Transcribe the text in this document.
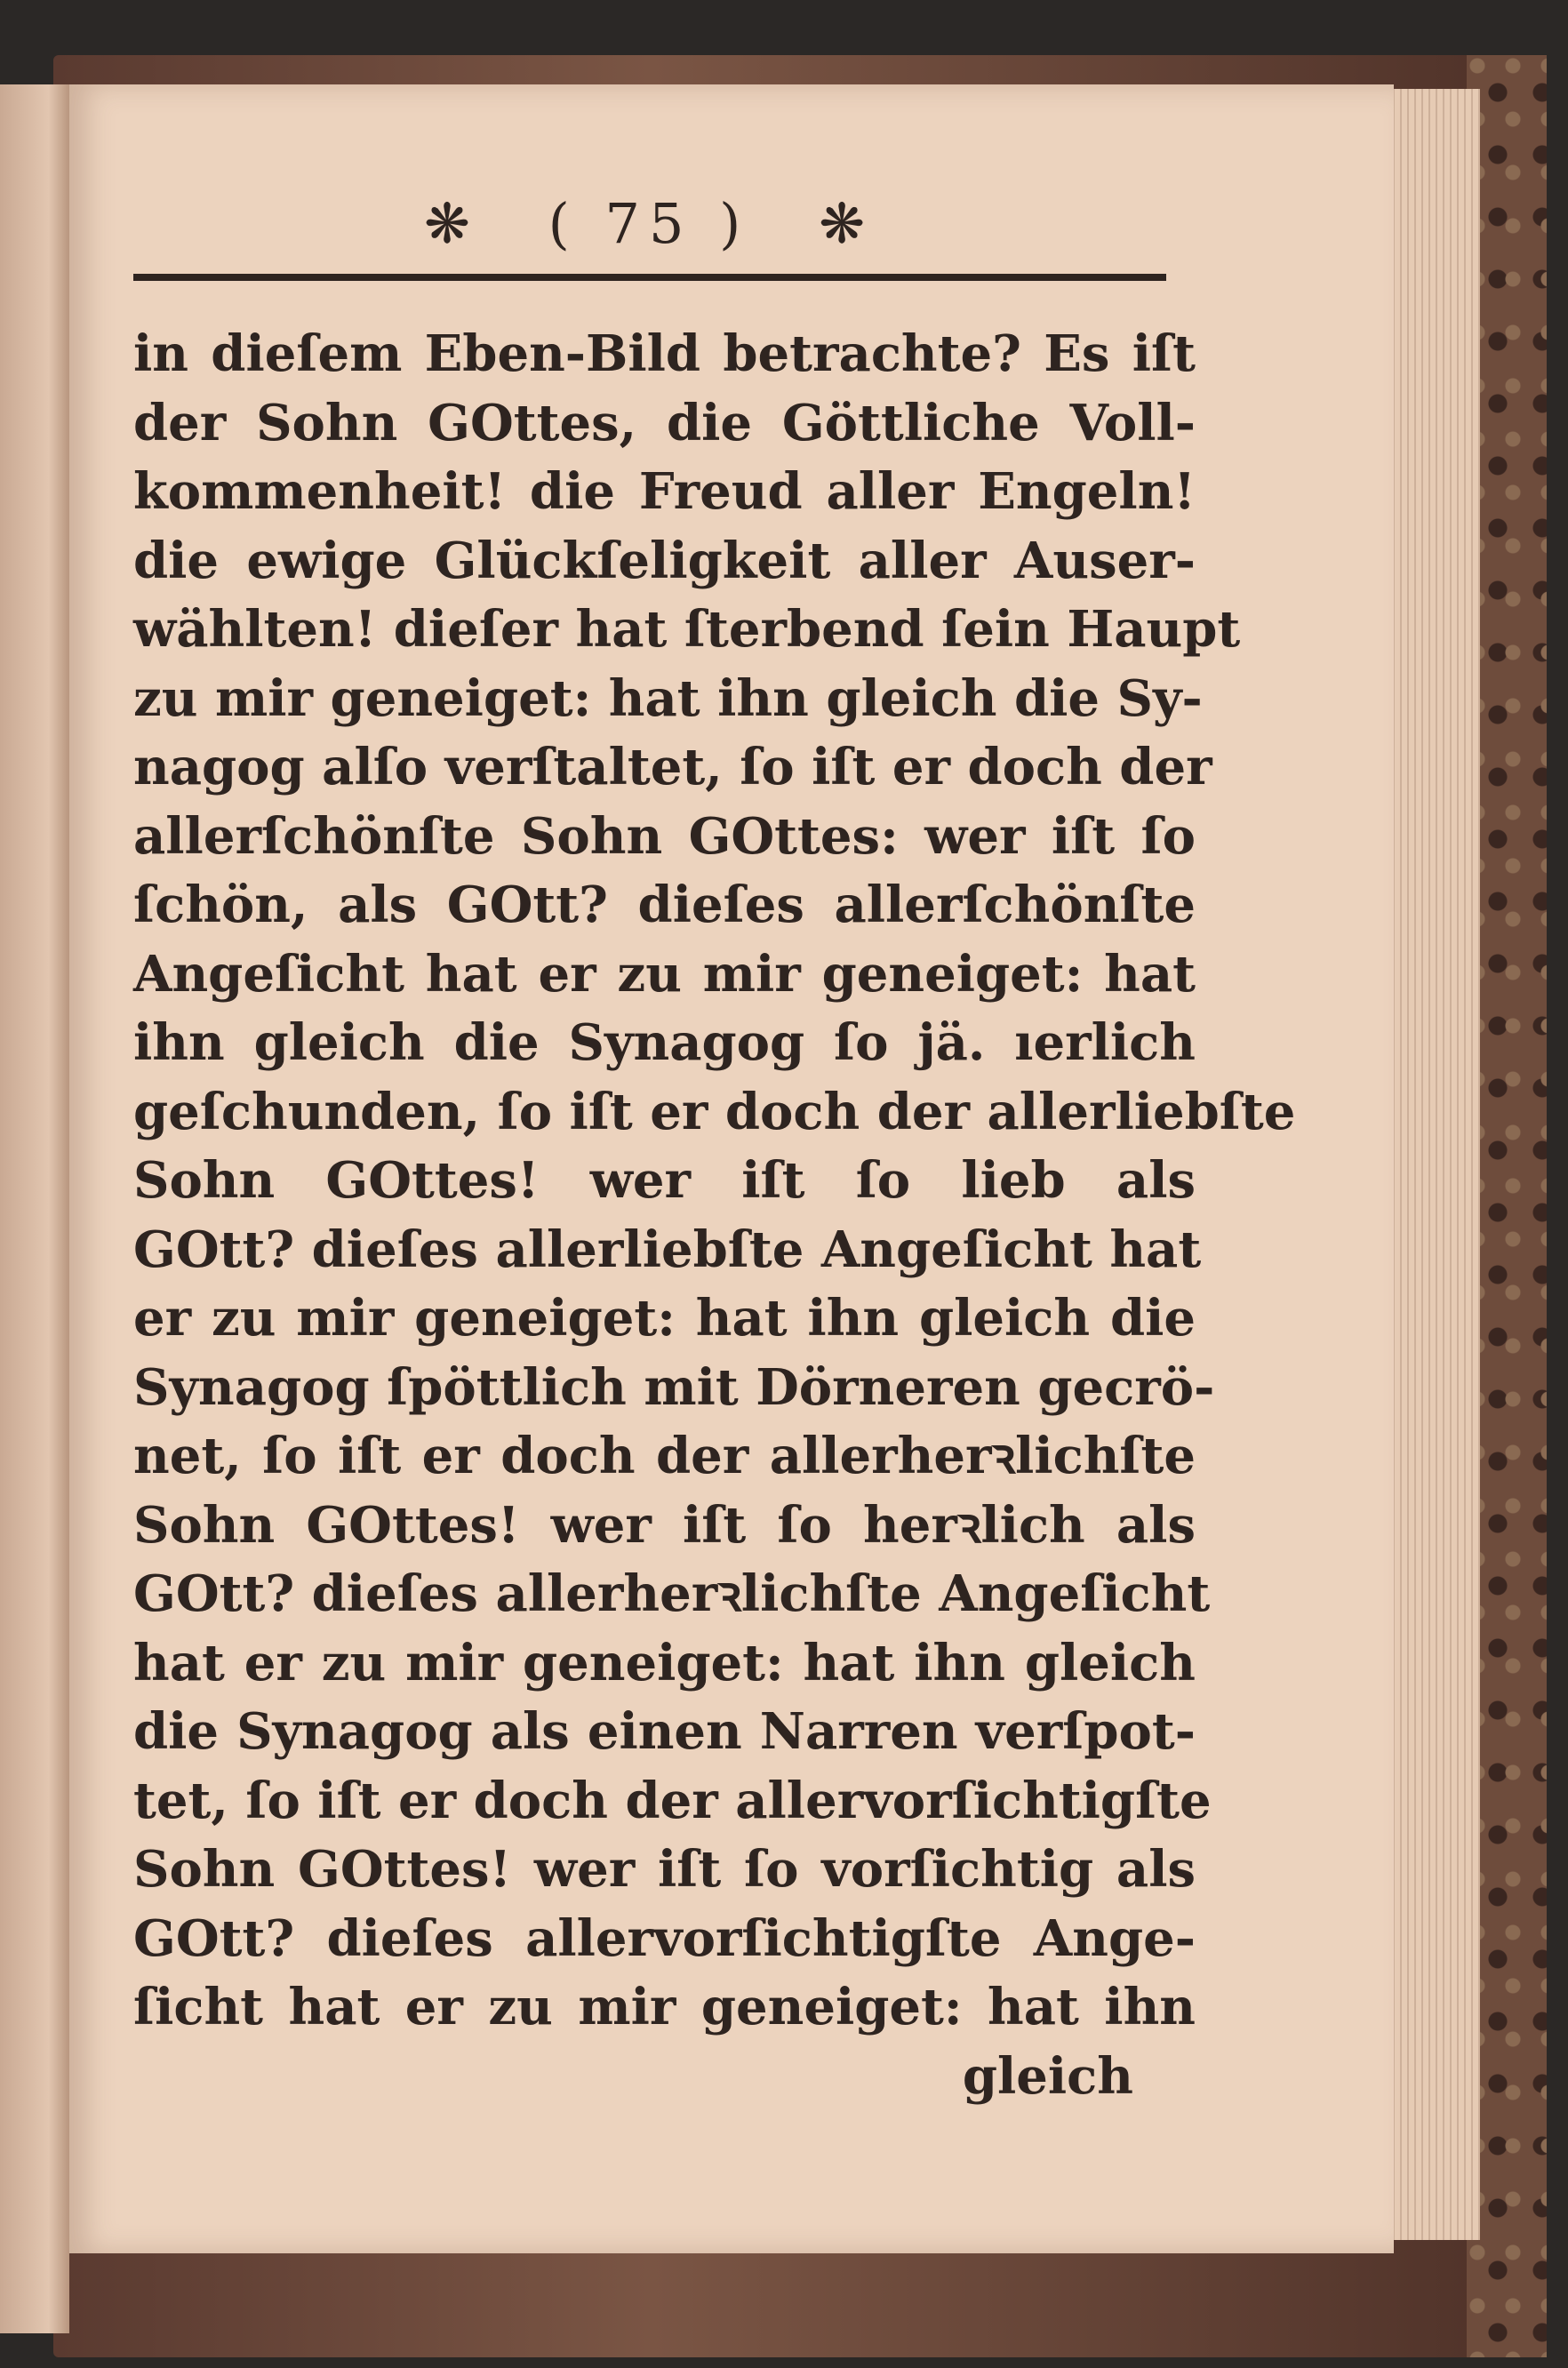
❋ ( 75 ) ❋
in dieſem Eben‐Bild betrachte? Es iſt
der Sohn GOttes, die Göttliche Voll‐
kommenheit! die Freud aller Engeln!
die ewige Glückſeligkeit aller Auser‐
wählten! dieſer hat ſterbend ſein Haupt
zu mir geneiget: hat ihn gleich die Sy‐
nagog alſo verſtaltet, ſo iſt er doch der
allerſchönſte Sohn GOttes: wer iſt ſo
ſchön, als GOtt? dieſes allerſchönſte
Angeſicht hat er zu mir geneiget: hat
ihn gleich die Synagog ſo jä. ıerlich
geſchunden, ſo iſt er doch der allerliebſte
Sohn GOttes! wer iſt ſo lieb als
GOtt? dieſes allerliebſte Angeſicht hat
er zu mir geneiget: hat ihn gleich die
Synagog ſpöttlich mit Dörneren gecrö‐
net, ſo iſt er doch der allerherꝛlichſte
Sohn GOttes! wer iſt ſo herꝛlich als
GOtt? dieſes allerherꝛlichſte Angeſicht
hat er zu mir geneiget: hat ihn gleich
die Synagog als einen Narren verſpot‐
tet, ſo iſt er doch der allervorſichtigſte
Sohn GOttes! wer iſt ſo vorſichtig als
GOtt? dieſes allervorſichtigſte Ange‐
ſicht hat er zu mir geneiget: hat ihn
gleich
